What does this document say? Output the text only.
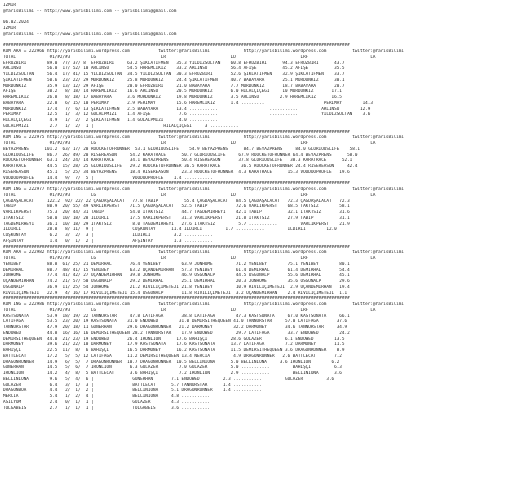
IZMIR
@YarisBilimi -- http://www.yarisbilimi.com -- yarisbilimi@gmail.com
06.02.2024
IZMIR
@YarisBilimi -- http://www.yarisbilimi.com -- yarisbilimi@gmail.com
######################################################################################################################################
KUM ARA = 222966 http://yarisbilimi.wordpress.com           twitter:@YarisBilimi             http://yarisbilimi.wordpress.com          twitter:@YarisBilimi
TOTAL             #1/#2/#3        LG                         LR                         LD                         LRF                        LA
EFRUZBIRI        89.0  77/ 37/ 8  EFRUZBIRI     63.2 ŞIKLATIFMEN   35.3 YILDIZSULTAN    60.8 EFRUZBIRI      94.3 EFRUZBIRI      43.7
ARLINSU          56.0  17/ 52/ 10 ARLINSU       54.5 HAREMLIKIZ    33.2 ARLINSU         56.4 AFIŞE          45.2 AFIŞE          35.5
YILDIZSULTAN     56.4  17/ 41/ 15 YILDIZSULTAN  34.5 YILDIZSULTAN  30.3 EFRUZBIRI       52.6 ŞIKLATIFMEN    32.9 ŞIKLATIFMEN    33.7
ŞIKLATIFMEN      50.6  23/ 22/ 29 MÜRDÜNKIZ     25.8 MÜRDÜNKIZ     24.4 ŞIKLATIFMEN     40.7 BABAYARA       25.1 MÜRDÜNKIZ      30.1
MÜRDÜNKIZ        35.9  13/ 12/ 29 AFIŞE         20.0 EFRUZBIRI     21.0 BABAYARA        7.7 MÜRDÜNKIZ       18.7 BABAYARA       20.7
AFIŞE            30.2   8/ 18/ 14 HAREMLIKIZ    16.6 ARLINSU       20.5 MÜRDÜNKIZ       6.0 HILALÇIÇEĞI     10 MÜRDÜNKIZ       17.1
HAREMLIKIZ       26.8   8/ 18/ 17 BABAYARA      3.6 MÜRDÜNKIZ      19.8 MÜRDÜNKIZ       3.5 ARLINSU        2.9 HAREMLIKIZ      16.5
BABAYARA         22.8   6/ 15/ 10 PERIMAY       2.9 PERIMAY        15.6 HAREMLIKIZ      1.4 .........                       PERIMAY        14.3
MÜRDÜNKIZ        17.4   7/  6/ 13 ŞIKLATIFMEN   2.5 BABAYARA       13.4 ...........                    ...........         ARLINSU        12.9
PERIMAY          12.5   1/  3/ 12 GÜLALPMIZI    1.4 AFIŞE           7.6 ...........                    ...........         YILDIZSULTAN    3.6
HILALÇIÇEĞI       4.9   1/  2/  2 ŞIKLATIFMEN   1.4 GÜLALPMIZI      4.0 ...........
GÜLALPMIZI        2.7   1/  2/  1 |                           HILALÇIÇEĞI     3 ...........
######################################################################################################################################
KUM ING = 222975 http://yarisbilimi.wordpress.com           twitter:@YarisBilimi             http://yarisbilimi.wordpress.com          twitter:@YarisBilimi
TOTAL             #1/#2/#3        LG                         LR                         LD                         LRF                        LA
BEYAZPRENS      101.2  63/ 17/ 20 ROOCKETOFRUNNER  53.1 GLORIOUSLIFE    54.9 BEYAZPRENS      84.7 BEYAZPRENS     84.0 GLORIOUSLIFE    58.1
GLORIOUSLIFE     86.7  26/ 49/ 20 RISEREASON     54.2 KARATRACE      50.7 GLORIOUSLIFE     67.9 ROOCKETOFRUNNER 64.4 BEYAZPRENS      58.0
ROOCKETOFRUNNER  63.1  24/ 24/ 14 KARATRACE      34.1 BEYAZPRENS     50.4 RISEREASON       37.8 GLORIOUSLIFE   38.3 KARATRACE      52.1
KARATRACE        44.5  15/ 28/ 25 GLORIOUSLIFE   29.2 ROOCKETOFRUNNER 36.5 KARATRACE        36.5 ROOCKETOFRUNNER 24.4 RISEREASON     42.4
RISEREASON       45.1   5/ 25/ 34 BEYAZPRENS     18.4 RISEREASON     23.3 ROOCKETOFRUNNER  4.3 KARATRACE      15.3 VOODOOPROFLE   19.6
VOODOOPROFLE     14.4   9/  7/  5 |               VOODOOPROFLE    1.4 ...........
######################################################################################################################################
KUM ING = 222977 http://yarisbilimi.wordpress.com           twitter:@YarisBilimi             http://yarisbilimi.wordpress.com          twitter:@YarisBilimi
TOTAL             #1/#2/#3        LG                         LR                         LD                         LRF                        LA
ÇAĞDAŞALACAT     122.2  92/ 22/ 22 ÇAĞDAŞALACAT   77.8 TABIP          55.4 ÇAĞDAŞALACAT   84.5 ÇAĞDAŞALACAT   72.3 ÇAĞDAŞALACAT   72.3
TABIP            80.9  20/ 55/ 49 VARLIKPERST    71.5 ÇAĞDAŞALACAT   52.5 TABIP           72.6 VARLIKPERST    68.5 TAKTSIZ        58.1
VARLIKPERST      75.3  20/ 44/ 31 TABIP          54.0 ITAKTSIZ       44.7 TAGDEMIRHEY1    42.1 TABIP          32.1 ITAKTSIZ       31.6
ITAKTSIZ         50.0  10/ 18/ 28 ILDIRLI        17.5 VARLIKPERST    31.3 VARLIKPERST     21.8 ITAKTSIZ       27.9 TABIP          31.1
TAGDEMIRHEY1     36.1  10/ 18/ 29 ITAKTSIZ        8.0 TAGDEMIRHEY1   27.6 ITAKTSIZ         5.7 ...........         VARLIKPERST    21.9
ILDIRLI          28.8   8/ 11/  9 |               COŞKUNTAY      11.4 ILDIRLI         1.7 ...........         ILDIRLI        12.0
COŞKUNTAY         6.2   3/  2/  3 |               ILDIRLI         3.2 ...........
AFŞINTAY          1.4   0/  1/  2 |               AFŞINTAY        1.3 ...........
######################################################################################################################################
KUM ARA = 222982 http://yarisbilimi.wordpress.com           twitter:@YarisBilimi             http://yarisbilimi.wordpress.com          twitter:@YarisBilimi
TOTAL             #1/#2/#3        LG                         LR                         LD                         LRF                        LA
YENIBEY          88.8  61/ 25/ 21 DEMIRHAL       76.4 YENIBEY        63.9 JONHOME         71.2 YENIBEY        75.1 YENIBEY        80.1
DEMIRHAL         80.7  48/ 41/ 15 YENIBEY        63.2 UÇANDEMIRHAN   57.3 YENIBEY         61.4 DEMIRHAL       61.4 DEMIRHAL       54.4
JONHOME          77.4  41/ 42/ 27 UÇANDEMIRHAN   39.8 JONHOME        46.9 OSGUNALP        44.5 OSGUNALP       55.6 DEMIRHAL       45.1
UÇANDEMIRHAN     74.2  21/ 57/ 50 OSGUNALP       29.2 DEMIRHAL       25.1 DEMIRHAL        20.3 JONHOME        35.6 OSGUNALP       29.6
OSGUNALP         36.9  11/ 25/ 54 JONHOME        21.2 RIVILIÇIMETEJI 21.8 YENIBEY         10.9 RIVILIÇIMETEJI  2.9 UÇANDEMIRHAN   19.4
RIVILIÇIMETEJI   22.9   4/ 16/ 17 RIVILIÇIMETEJI 15.4 OSGUNALP       11.8 RIVILIÇIMETEJI  3.2 UÇANDEMIRHAN    2.4 RIVILIÇIMETEJI  1.1
######################################################################################################################################
KUM ING = 222986 http://yarisbilimi.wordpress.com           twitter:@YarisBilimi             http://yarisbilimi.wordpress.com          twitter:@YarisBilimi
TOTAL             #1/#2/#3        LG                         LR                         LD                         LRF                        LA
KASTSONATA       53.9  18/ 19/ 22 TANNURSTAR     47.8 LATIFAĞA       38.8 LATIFAĞA        47.3 KASTSONATA     67.0 KASTSONATA     66.1
LATIFAĞA         53.5  23/ 20/ 19 KASTSONATA    31.0 ENDOWED        31.0 DEMIRSITHEQUEEN 41.0 TANNURSTAR     57.0 LATIFAĞA       37.6
TANNURSTAR       47.9  20/ 18/ 11 GÜNERHAN      29.6 DRAGONRUNNER   21.2 DARMONEY        32.2 DARMONEY       34.6 TANNURSTAR     34.9
ENDOWED          44.8  16/ 16/ 16 DEMIRSITHEQUEEN 28.2 TANNURSTAR    17.9 ENDOWED         29.7 LATIFAĞA       33.7 ENDOWED        24.2
DEMIRSITHEQUEEN  44.0  21/ 23/ 19 ENDOWED       26.4 IRONLION      17.6 BAHIŞÇI         28.6 GULAZER         6.1 ENDOWED        13.5
DARMONEY         39.6  21/ 22/ 10 DARMONEY      17.9 KASTSONATA    17.6 KASTSONATA      13.7 LATIFAĞA        7.2 DARMONEY       11.5
BAHIŞÇI          22.5  11/  8/  6 BAHIŞÇI       16.5 DARMONEY      16.2 KASTSONATA      11.5 DEMIRSITHEQUEEN 3.6 DRAGONRUNNER    8.9
BATTLECAT        17.2   5/  5/ 12 LATIFAĞA      11.2 DEMIRSITHEQUEEN 13.4 NERCIA         4.9 DRAGONRUNNER   2.6 BATTLECAT       7.2
DRAGONRUNNER     14.9   6/  5/  7 DRAGONRUNNER  10.7 DRAGONRUNNER  10.5 BELLINIONA      5.0 BELLINIONA     3.6 IRONLION        6.2
GÜNERHAN         14.5   5/  6/  7 IRONLION       6.3 GÜLAZER        7.0 GÜLAZER         5.0 ...........         BAHIŞÇI         6.3
IRONLION         14.2   4/  8/  5 BATTLECAT      3.6 BAHIŞÇI        7.2 IRONLION        2.9 ...........         BELLINIONA      3.6
BELLINIONA        9.6   5/  4/  6 |               GÜNERHAN       7.1 ENDOWED         2.3 ...........         GÜLAZER         3.6
GÜLAZER           6.4   3/  1/  3 |               BATTLECAT      5.7 TANNURSTAR      1.4 ...........
DRAGONBOA         4.4   2/  1/  2 |               BELLINIONA     5.1 DRAGONRUNNER    1.4 ...........
MERCIA            5.4   1/  2/  4 |               BELLINIONA     4.8 ...........
ASILYOM           2.4   0/  1/  1 |               GÜLAZER        4.3 ...........
TOLGABEIS         2.7   1/  1/  1 |               TOLGABEIS      3.6 ...........
